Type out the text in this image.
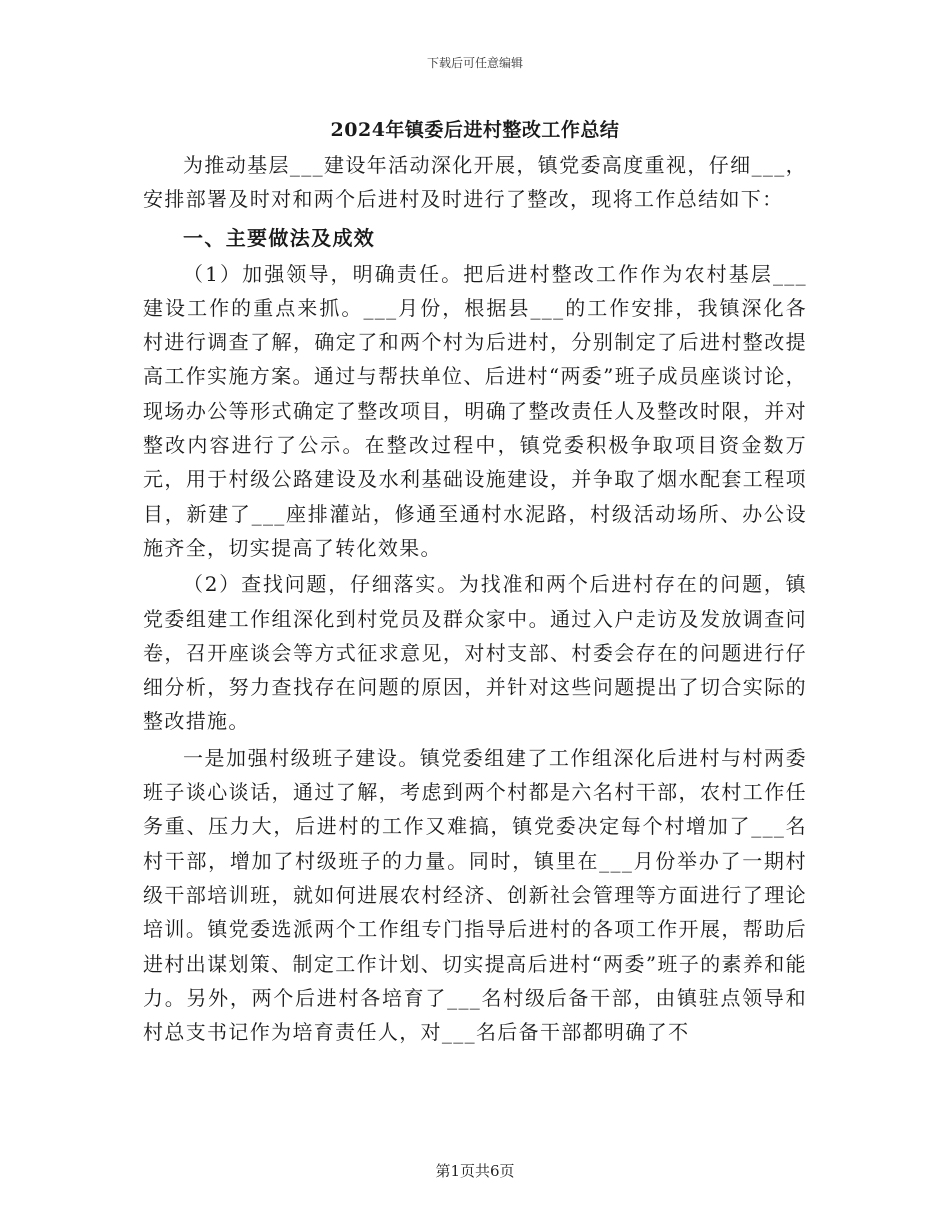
下载后可任意编辑
2024年镇委后进村整改工作总结

为推动基层___建设年活动深化开展，镇党委高度重视，仔细___，安排部署及时对和两个后进村及时进行了整改，现将工作总结如下：

一、主要做法及成效

（1）加强领导，明确责任。把后进村整改工作作为农村基层___建设工作的重点来抓。___月份，根据县___的工作安排，我镇深化各村进行调查了解，确定了和两个村为后进村，分别制定了后进村整改提高工作实施方案。通过与帮扶单位、后进村“两委”班子成员座谈讨论，现场办公等形式确定了整改项目，明确了整改责任人及整改时限，并对整改内容进行了公示。在整改过程中，镇党委积极争取项目资金数万元，用于村级公路建设及水利基础设施建设，并争取了烟水配套工程项目，新建了___座排灌站，修通至通村水泥路，村级活动场所、办公设施齐全，切实提高了转化效果。

（2）查找问题，仔细落实。为找准和两个后进村存在的问题，镇党委组建工作组深化到村党员及群众家中。通过入户走访及发放调查问卷，召开座谈会等方式征求意见，对村支部、村委会存在的问题进行仔细分析，努力查找存在问题的原因，并针对这些问题提出了切合实际的整改措施。

一是加强村级班子建设。镇党委组建了工作组深化后进村与村两委班子谈心谈话，通过了解，考虑到两个村都是六名村干部，农村工作任务重、压力大，后进村的工作又难搞，镇党委决定每个村增加了___名村干部，增加了村级班子的力量。同时，镇里在___月份举办了一期村级干部培训班，就如何进展农村经济、创新社会管理等方面进行了理论培训。镇党委选派两个工作组专门指导后进村的各项工作开展，帮助后进村出谋划策、制定工作计划、切实提高后进村“两委”班子的素养和能力。另外，两个后进村各培育了___名村级后备干部，由镇驻点领导和村总支书记作为培育责任人，对___名后备干部都明确了不

第1页共6页
